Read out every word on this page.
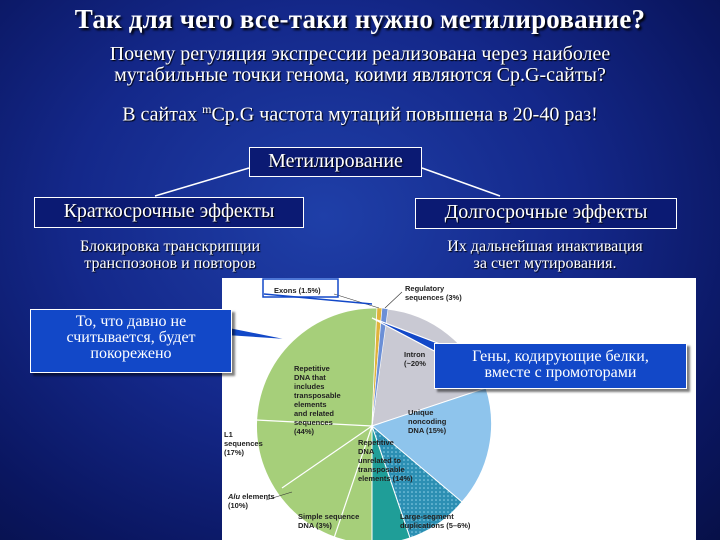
Так для чего все-таки нужно метилирование?
Почему регуляция экспрессии реализована через наиболее
мутабильные точки генома, коими являются Cp.G-сайты?
В сайтах $^m$Cp.G частота мутаций повышена в 20-40 раз!
Метилирование
Краткосрочные эффекты	Долгосрочные эффекты
Блокировка транскрипции
транспозонов и повторов
Их дальнейшая инактивация
за счет мутирования.
Exons (1.5%)	Regulatory
sequences (3%)
Intron
(~20%
Repetitive
DNA that
includes
transposable
elements
and related
sequences
(44%)
Unique
noncoding
DNA (15%)
L1
sequences
(17%)
Repetitive
DNA
unrelated to
transposable
elements (14%)
Alu elements
(10%)
Simple sequence
DNA (3%)
Large-segment
duplications (5–6%)
То, что давно не
считывается, будет
покорежено	Гены, кодирующие белки,
вместе с промоторами
